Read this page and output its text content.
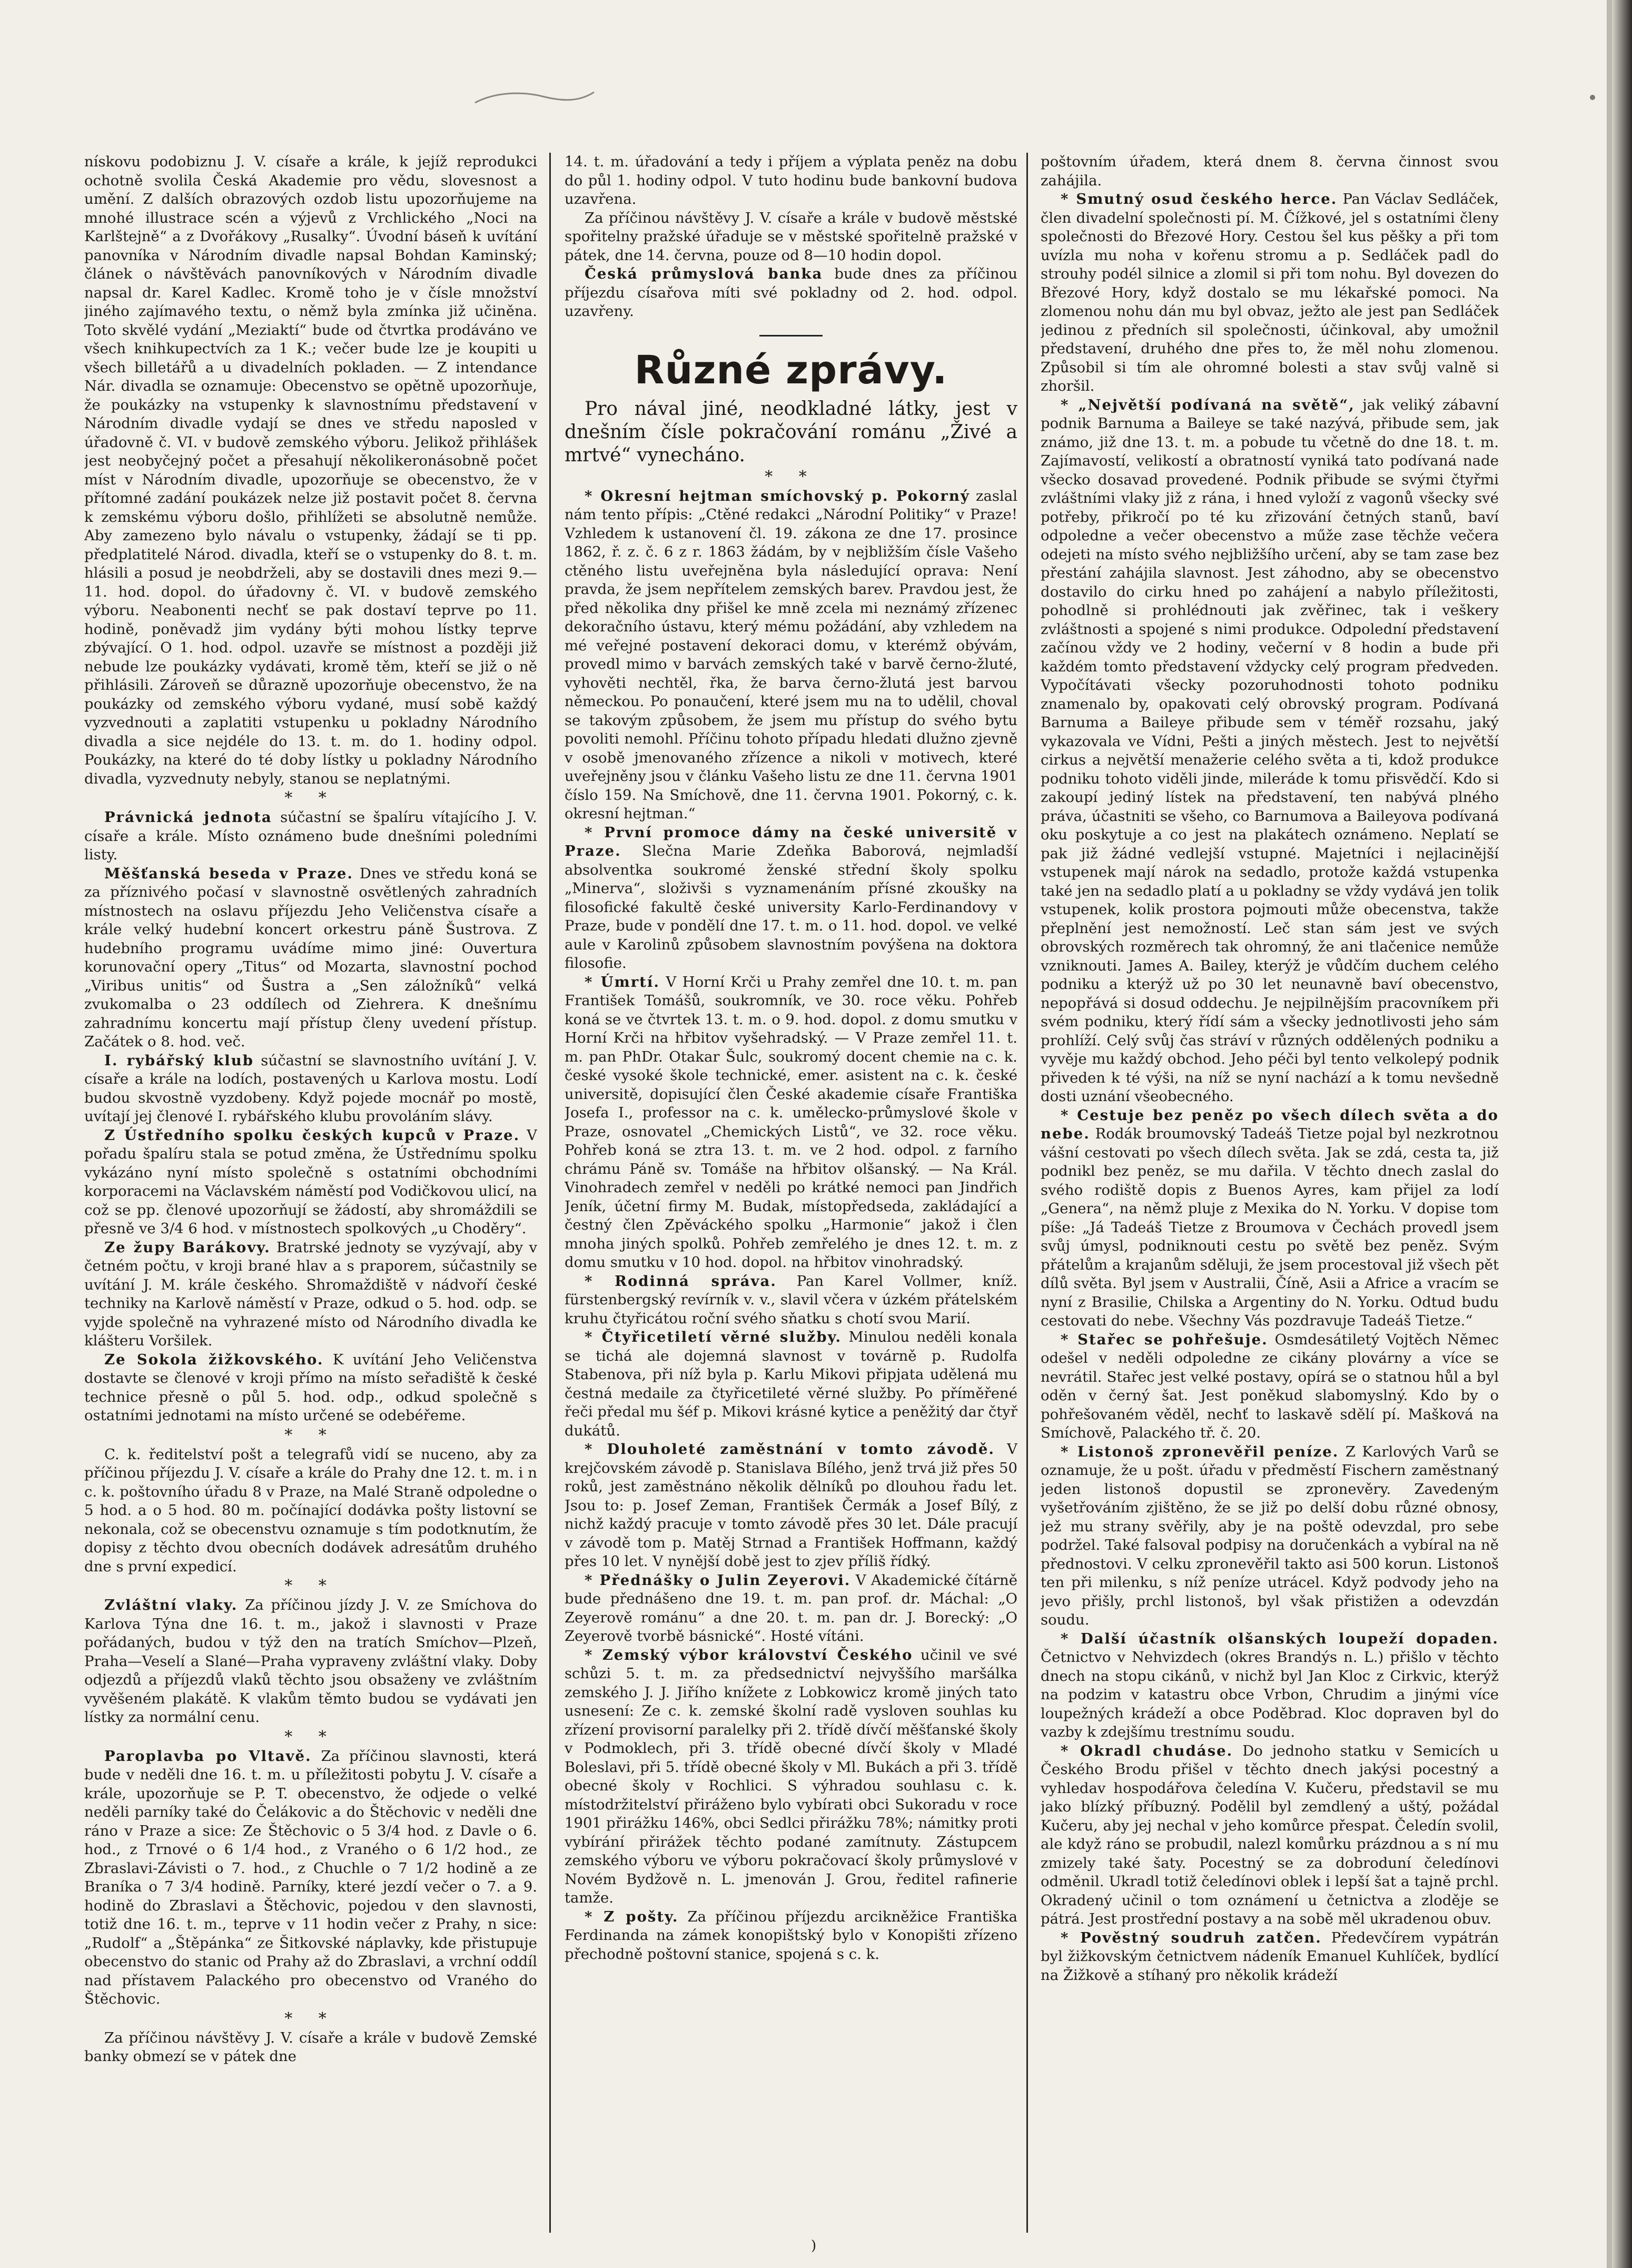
nískovu podobiznu J. V. císaře a krále, k jejíž reprodukci ochotně svolila Česká Akademie pro vědu, slovesnost a umění. Z dalších obrazových ozdob listu upozorňujeme na mnohé illustrace scén a výjevů z Vrchlického „Noci na Karlštejně“ a z Dvořákovy „Rusalky“. Úvodní báseň k uvítání panovníka v Národním divadle napsal Bohdan Kaminský; článek o návštěvách panovníkových v Národním divadle napsal dr. Karel Kadlec. Kromě toho je v čísle množství jiného zajímavého textu, o němž byla zmínka již učiněna. Toto skvělé vydání „Meziaktí“ bude od čtvrtka prodáváno ve všech knihkupectvích za 1 K.; večer bude lze je koupiti u všech billetářů a u divadelních pokladen. — Z intendance Nár. divadla se oznamuje: Obecenstvo se opětně upozorňuje, že poukázky na vstupenky k slavnostnímu představení v Národním divadle vydají se dnes ve středu naposled v úřadovně č. VI. v budově zemského výboru. Jelikož přihlášek jest neobyčejný počet a přesahují několikeronásobně počet míst v Národním divadle, upozorňuje se obecenstvo, že v přítomné zadání poukázek nelze již postavit počet 8. června k zemskému výboru došlo, přihlížeti se absolutně nemůže. Aby zamezeno bylo návalu o vstupenky, žádají se ti pp. předplatitelé Národ. divadla, kteří se o vstupenky do 8. t. m. hlásili a posud je neobdrželi, aby se dostavili dnes mezi 9.—11. hod. dopol. do úřadovny č. VI. v budově zemského výboru. Neabonenti nechť se pak dostaví teprve po 11. hodině, poněvadž jim vydány býti mohou lístky teprve zbývající. O 1. hod. odpol. uzavře se místnost a později již nebude lze poukázky vydávati, kromě těm, kteří se již o ně přihlásili. Zároveň se důrazně upozorňuje obecenstvo, že na poukázky od zemského výboru vydané, musí sobě každý vyzvednouti a zaplatiti vstupenku u pokladny Národního divadla a sice nejdéle do 13. t. m. do 1. hodiny odpol. Poukázky, na které do té doby lístky u pokladny Národního divadla, vyzvednuty nebyly, stanou se neplatnými.

* *

Právnická jednota súčastní se špalíru vítajícího J. V. císaře a krále. Místo oznámeno bude dnešními poledními listy.

Měšťanská beseda v Praze. Dnes ve středu koná se za příznivého počasí v slavnostně osvětlených zahradních místnostech na oslavu příjezdu Jeho Veličenstva císaře a krále velký hudební koncert orkestru páně Šustrova. Z hudebního programu uvádíme mimo jiné: Ouvertura korunovační opery „Titus“ od Mozarta, slavnostní pochod „Viribus unitis“ od Šustra a „Sen záložníků“ velká zvukomalba o 23 oddílech od Ziehrera. K dnešnímu zahradnímu koncertu mají přístup členy uvedení přístup. Začátek o 8. hod. več.

I. rybářský klub súčastní se slavnostního uvítání J. V. císaře a krále na lodích, postavených u Karlova mostu. Lodí budou skvostně vyzdobeny. Když pojede mocnář po mostě, uvítají jej členové I. rybářského klubu provoláním slávy.

Z Ústředního spolku českých kupců v Praze. V pořadu špalíru stala se potud změna, že Ústřednímu spolku vykázáno nyní místo společně s ostatními obchodními korporacemi na Václavském náměstí pod Vodičkovou ulicí, na což se pp. členové upozorňují se žádostí, aby shromáždili se přesně ve 3/4 6 hod. v místnostech spolkových „u Choděry“.

Ze župy Barákovy. Bratrské jednoty se vyzývají, aby v četném počtu, v kroji brané hlav a s praporem, súčastnily se uvítání J. M. krále českého. Shromaždiště v nádvoří české techniky na Karlově náměstí v Praze, odkud o 5. hod. odp. se vyjde společně na vyhrazené místo od Národního divadla ke klášteru Voršilek.

Ze Sokola žižkovského. K uvítání Jeho Veličenstva dostavte se členové v kroji přímo na místo seřadiště k české technice přesně o půl 5. hod. odp., odkud společně s ostatními jednotami na místo určené se odebéřeme.

* *

C. k. ředitelství pošt a telegrafů vidí se nuceno, aby za příčinou příjezdu J. V. císaře a krále do Prahy dne 12. t. m. i n c. k. poštovního úřadu 8 v Praze, na Malé Straně odpoledne o 5 hod. a o 5 hod. 80 m. počínající dodávka pošty listovní se nekonala, což se obecenstvu oznamuje s tím podotknutím, že dopisy z těchto dvou obecních dodávek adresátům druhého dne s první expedicí.

* *

Zvláštní vlaky. Za příčinou jízdy J. V. ze Smíchova do Karlova Týna dne 16. t. m., jakož i slavnosti v Praze pořádaných, budou v týž den na tratích Smíchov—Plzeň, Praha—Veselí a Slané—Praha vypraveny zvláštní vlaky. Doby odjezdů a příjezdů vlaků těchto jsou obsaženy ve zvláštním vyvěšeném plakátě. K vlakům těmto budou se vydávati jen lístky za normální cenu.

* *

Paroplavba po Vltavě. Za příčinou slavnosti, která bude v neděli dne 16. t. m. u příležitosti pobytu J. V. císaře a krále, upozorňuje se P. T. obecenstvo, že odjede o velké neděli parníky také do Čelákovic a do Štěchovic v neděli dne ráno v Praze a sice: Ze Štěchovic o 5 3/4 hod. z Davle o 6. hod., z Trnové o 6 1/4 hod., z Vraného o 6 1/2 hod., ze Zbraslavi-Závisti o 7. hod., z Chuchle o 7 1/2 hodině a ze Braníka o 7 3/4 hodině. Parníky, které jezdí večer o 7. a 9. hodině do Zbraslavi a Štěchovic, pojedou v den slavnosti, totiž dne 16. t. m., teprve v 11 hodin večer z Prahy, n sice: „Rudolf“ a „Štěpánka“ ze Šitkovské náplavky, kde přistupuje obecenstvo do stanic od Prahy až do Zbraslavi, a vrchní oddíl nad přístavem Palackého pro obecenstvo od Vraného do Štěchovic.

* *

Za příčinou návštěvy J. V. císaře a krále v budově Zemské banky obmezí se v pátek dne

14. t. m. úřadování a tedy i příjem a výplata peněz na dobu do půl 1. hodiny odpol. V tuto hodinu bude bankovní budova uzavřena.

Za příčinou návštěvy J. V. císaře a krále v budově městské spořitelny pražské úřaduje se v městské spořitelně pražské v pátek, dne 14. června, pouze od 8—10 hodin dopol.

Česká průmyslová banka bude dnes za příčinou příjezdu císařova míti své pokladny od 2. hod. odpol. uzavřeny.

Různé zprávy.

Pro nával jiné, neodkladné látky, jest v dnešním čísle pokračování románu „Živé a mrtvé“ vynecháno.

* *

* Okresní hejtman smíchovský p. Pokorný zaslal nám tento přípis: „Ctěné redakci „Národní Politiky“ v Praze! Vzhledem k ustanovení čl. 19. zákona ze dne 17. prosince 1862, ř. z. č. 6 z r. 1863 žádám, by v nejbližším čísle Vašeho ctěného listu uveřejněna byla následující oprava: Není pravda, že jsem nepřítelem zemských barev. Pravdou jest, že před několika dny přišel ke mně zcela mi neznámý zřízenec dekoračního ústavu, který mému požádání, aby vzhledem na mé veřejné postavení dekoraci domu, v kterémž obývám, provedl mimo v barvách zemských také v barvě černo-žluté, vyhověti nechtěl, řka, že barva černo-žlutá jest barvou německou. Po ponaučení, které jsem mu na to udělil, choval se takovým způsobem, že jsem mu přístup do svého bytu povoliti nemohl. Příčinu tohoto případu hledati dlužno zjevně v osobě jmenovaného zřízence a nikoli v motivech, které uveřejněny jsou v článku Vašeho listu ze dne 11. června 1901 číslo 159. Na Smíchově, dne 11. června 1901. Pokorný, c. k. okresní hejtman.“

* První promoce dámy na české universitě v Praze. Slečna Marie Zdeňka Baborová, nejmladší absolventka soukromé ženské střední školy spolku „Minerva“, složivši s vyznamenáním přísné zkoušky na filosofické fakultě české university Karlo-Ferdinandovy v Praze, bude v pondělí dne 17. t. m. o 11. hod. dopol. ve velké aule v Karolinů způsobem slavnostním povýšena na doktora filosofie.

* Úmrtí. V Horní Krči u Prahy zemřel dne 10. t. m. pan František Tomášů, soukromník, ve 30. roce věku. Pohřeb koná se ve čtvrtek 13. t. m. o 9. hod. dopol. z domu smutku v Horní Krči na hřbitov vyšehradský. — V Praze zemřel 11. t. m. pan PhDr. Otakar Šulc, soukromý docent chemie na c. k. české vysoké škole technické, emer. asistent na c. k. české universitě, dopisující člen České akademie císaře Františka Josefa I., professor na c. k. umělecko-průmyslové škole v Praze, osnovatel „Chemických Listů“, ve 32. roce věku. Pohřeb koná se ztra 13. t. m. ve 2 hod. odpol. z farního chrámu Páně sv. Tomáše na hřbitov olšanský. — Na Král. Vinohradech zemřel v neděli po krátké nemoci pan Jindřich Jeník, účetní firmy M. Budak, místopředseda, zakládající a čestný člen Zpěváckého spolku „Harmonie“ jakož i člen mnoha jiných spolků. Pohřeb zemřelého je dnes 12. t. m. z domu smutku v 10 hod. dopol. na hřbitov vinohradský.

* Rodinná správa. Pan Karel Vollmer, kníž. fürstenbergský revírník v. v., slavil včera v úzkém přátelském kruhu čtyřicátou roční svého sňatku s chotí svou Marií.

* Čtyřicetiletí věrné služby. Minulou neděli konala se tichá ale dojemná slavnost v továrně p. Rudolfa Stabenova, při níž byla p. Karlu Mikovi připjata udělená mu čestná medaile za čtyřicetileté věrné služby. Po příměřené řeči předal mu šéf p. Mikovi krásné kytice a peněžitý dar čtyř dukátů.

* Dlouholeté zaměstnání v tomto závodě. V krejčovském závodě p. Stanislava Bílého, jenž trvá již přes 50 roků, jest zaměstnáno několik dělníků po dlouhou řadu let. Jsou to: p. Josef Zeman, František Čermák a Josef Bílý, z nichž každý pracuje v tomto závodě přes 30 let. Dále pracují v závodě tom p. Matěj Strnad a František Hoffmann, každý přes 10 let. V nynější době jest to zjev příliš řídký.

* Přednášky o Julin Zeyerovi. V Akademické čítárně bude přednášeno dne 19. t. m. pan prof. dr. Máchal: „O Zeyerově románu“ a dne 20. t. m. pan dr. J. Borecký: „O Zeyerově tvorbě básnické“. Hosté vítáni.

* Zemský výbor království Českého učinil ve své schůzi 5. t. m. za předsednictví nejvyššího maršálka zemského J. J. Jiřího knížete z Lobkowicz kromě jiných tato usnesení: Ze c. k. zemské školní radě vysloven souhlas ku zřízení provisorní paralelky při 2. třídě dívčí měšťanské školy v Podmoklech, při 3. třídě obecné dívčí školy v Mladé Boleslavi, při 5. třídě obecné školy v Ml. Bukách a při 3. třídě obecné školy v Rochlici. S výhradou souhlasu c. k. místodržitelství přiráženo bylo vybírati obci Sukoradu v roce 1901 přirážku 146%, obci Sedlci přirážku 78%; námitky proti vybírání přirážek těchto podané zamítnuty. Zástupcem zemského výboru ve výboru pokračovací školy průmyslové v Novém Bydžově n. L. jmenován J. Grou, ředitel rafinerie tamže.

* Z pošty. Za příčinou příjezdu arcikněžice Františka Ferdinanda na zámek konopištský bylo v Konopišti zřízeno přechodně poštovní stanice, spojená s c. k.

poštovním úřadem, která dnem 8. června činnost svou zahájila.

* Smutný osud českého herce. Pan Václav Sedláček, člen divadelní společnosti pí. M. Čížkové, jel s ostatními členy společnosti do Březové Hory. Cestou šel kus pěšky a při tom uvízla mu noha v kořenu stromu a p. Sedláček padl do strouhy podél silnice a zlomil si při tom nohu. Byl dovezen do Březové Hory, když dostalo se mu lékařské pomoci. Na zlomenou nohu dán mu byl obvaz, ježto ale jest pan Sedláček jedinou z předních sil společnosti, účinkoval, aby umožnil představení, druhého dne přes to, že měl nohu zlomenou. Způsobil si tím ale ohromné bolesti a stav svůj valně si zhoršil.

* „Největší podívaná na světě“, jak veliký zábavní podnik Barnuma a Baileye se také nazývá, přibude sem, jak známo, již dne 13. t. m. a pobude tu včetně do dne 18. t. m. Zajímavostí, velikostí a obratností vyniká tato podívaná nade všecko dosavad provedené. Podnik přibude se svými čtyřmi zvláštními vlaky již z rána, i hned vyloží z vagonů všecky své potřeby, přikročí po té ku zřizování četných stanů, baví odpoledne a večer obecenstvo a műže zase těchže večera odejeti na místo svého nejbližšího určení, aby se tam zase bez přestání zahájila slavnost. Jest záhodno, aby se obecenstvo dostavilo do cirku hned po zahájení a nabylo příležitosti, pohodlně si prohlédnouti jak zvěřinec, tak i veškery zvláštnosti a spojené s nimi produkce. Odpolední představení začínou vždy ve 2 hodiny, večerní v 8 hodin a bude při každém tomto představení vždycky celý program předveden. Vypočítávati všecky pozoruhodnosti tohoto podniku znamenalo by, opakovati celý obrovský program. Podívaná Barnuma a Baileye přibude sem v téměř rozsahu, jaký vykazovala ve Vídni, Pešti a jiných městech. Jest to největší cirkus a největší menažerie celého světa a ti, kdož produkce podniku tohoto viděli jinde, mileráde k tomu přisvědčí. Kdo si zakoupí jediný lístek na představení, ten nabývá plného práva, účastniti se všeho, co Barnumova a Baileyova podívaná oku poskytuje a co jest na plakátech oznámeno. Neplatí se pak již žádné vedlejší vstupné. Majetníci i nejlacinější vstupenek mají nárok na sedadlo, protože každá vstupenka také jen na sedadlo platí a u pokladny se vždy vydává jen tolik vstupenek, kolik prostora pojmouti může obecenstva, takže přeplnění jest nemožností. Leč stan sám jest ve svých obrovských rozměrech tak ohromný, že ani tlačenice nemůže vzniknouti. James A. Bailey, kterýž je vůdčím duchem celého podniku a kterýž už po 30 let neunavně baví obecenstvo, nepopřává si dosud oddechu. Je nejpilnějším pracovníkem při svém podniku, který řídí sám a všecky jednotlivosti jeho sám prohlíží. Celý svůj čas stráví v různých oddělených podniku a vyvěje mu každý obchod. Jeho péči byl tento velkolepý podnik přiveden k té výši, na níž se nyní nachází a k tomu nevšedně dosti uznání všeobecného.

* Cestuje bez peněz po všech dílech světa a do nebe. Rodák broumovský Tadeáš Tietze pojal byl nezkrotnou vášní cestovati po všech dílech světa. Jak se zdá, cesta ta, již podnikl bez peněz, se mu dařila. V těchto dnech zaslal do svého rodiště dopis z Buenos Ayres, kam přijel za lodí „Genera“, na němž plujе z Mexika do N. Yorku. V dopise tom píše: „Já Tadeáš Tietze z Broumova v Čechách provedl jsem svůj úmysl, podniknouti cestu po světě bez peněz. Svým přátelům a krajanům sděluji, že jsem procestoval již všech pět dílů světa. Byl jsem v Australii, Číně, Asii a Africe a vracím se nyní z Brasilie, Chilska a Argentiny do N. Yorku. Odtud budu cestovati do nebe. Všechny Vás pozdravuje Tadeáš Tietze.“

* Stařec se pohřešuje. Osmdesátiletý Vojtěch Němec odešel v neděli odpoledne ze cikány plovárny a více se nevrátil. Stařec jest velké postavy, opírá se o statnou hůl a byl oděn v černý šat. Jest poněkud slabomyslný. Kdo by o pohřešovaném věděl, nechť to laskavě sdělí pí. Mašková na Smíchově, Palackého tř. č. 20.

* Listonoš zpronevěřil peníze. Z Karlových Varů se oznamuje, že u pošt. úřadu v předměstí Fischern zaměstnaný jeden listonoš dopustil se zpronevěry. Zavedeným vyšetřováním zjištěno, že se již po delší dobu různé obnosy, jež mu strany svěřily, aby je na poště odevzdal, pro sebe podržel. Také falsoval podpisy na doručenkách a vybíral na ně přednostovi. V celku zpronevěřil takto asi 500 korun. Listonoš ten při milenku, s níž peníze utrácel. Když podvody jeho na jevo přišly, prchl listonoš, byl však přistižen a odevzdán soudu.

* Další účastník olšanských loupeží dopaden. Četnictvo v Nehvizdech (okres Brandýs n. L.) přišlo v těchto dnech na stopu cikánů, v nichž byl Jan Kloc z Cirkvic, kterýž na podzim v katastru obce Vrbon, Chrudim a jinými více loupežných krádeží a obce Poděbrad. Kloc dopraven byl do vazby k zdejšímu trestnímu soudu.

* Okradl chudáse. Do jednoho statku v Semicích u Českého Brodu přišel v těchto dnech jakýsi pocestný a vyhledav hospodářova čeledína V. Kučeru, představil se mu jako blízký příbuzný. Podělil byl zemdlený a uštý, požádal Kučeru, aby jej nechal v jeho komůrce přespat. Čeledín svolil, ale když ráno se probudil, nalezl komůrku prázdnou a s ní mu zmizely také šaty. Pocestný se za dobroduní čeledínovi odměnil. Ukradl totiž čeledínovi oblek i lepší šat a tajně prchl. Okradený učinil o tom oznámení u četnictva a zloděje se pátrá. Jest prostřední postavy a na sobě měl ukradenou obuv.

* Pověstný soudruh zatčen. Předevčírem vypátrán byl žižkovským četnictvem nádeník Emanuel Kuhlíček, bydlící na Žižkově a stíhaný pro několik krádeží

)
